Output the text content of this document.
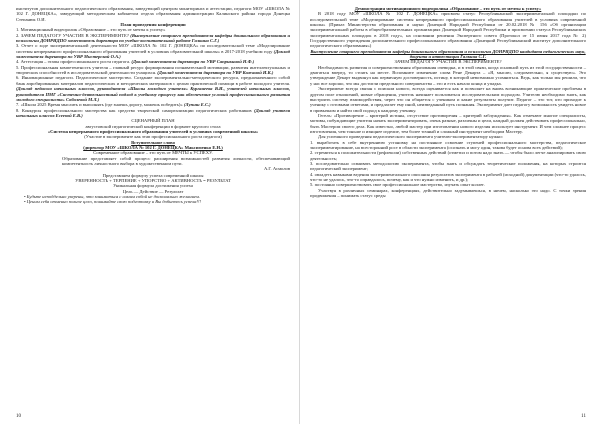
институтов дополнительного педагогического образования, заведующий центром мониторинга и аттестации, педагоги МОУ «ШКОЛА № 102 Г. ДОНЕЦКА», заведующий методическим кабинетом отдела образования администрации Калинского района города Донецка Степанюк О.И.

План проведения конференции

1. Мотивационный видеоролик «Образование – это путь от мечты к успеху»

2. ЗАЧЕМ ПЕДАГОГУ УЧАСТИЕ В ЭКСПЕРИМЕНТЕ? (Выступление старшего преподавателя кафедры дошкольного образования и психологии ДОНРИДПО заместитель директора по учебно-воспитательной работе Галкина С.Г.)

3. Отчет о ходе экспериментальной деятельности МОУ «ШКОЛА № 102 Г. ДОНЕЦКА» по исследовательской теме «Моделирование системы непрерывного профессионального образования учителей в условиях образовательной школы» в 2017-2018 учебном году (Доклад заместителя директора по УВР Мистерской О.А.)

4. Аттестация – этапы профессионального роста педагога. (Доклад заместителя директора по УВР Саприкиной Н.Ф.)

5. Профессиональная компетентность учителя – главный ресурс формирования познавательной мотивации, развития интеллектуальных и творческих способностей в исследовательской деятельности учащихся. (Доклад заместителя директора по УВР Кожаной И.К.)

6. Инновационные педагоги. Педагогическое мастерство. Создание экспериментально-методического ресурса, предназначенного собой банк апробированных материалов педагогических и методических материалов с целью практической помощи в работе молодого учителя. (Доклад педагога начальных классов, руководителя «Школы молодого учителя» Курганеева В.И., учителей начальных классов, руководителя ПМГ «Системно-деятельностный подход к учебному процессу как обеспечение условий профессионального развития молодого специалиста» Соболевой М.Л.)

7. «Школа 2025 Время мыслить и выполнять (где знаешь дорогу, можешь победить)» (Лупиш Е.С.)

8. Конкурсы профессионального мастерства как средство творческой самореализации педагогических работников (Доклад учителя начальных классов Есеевой Е.В.)

СЦЕНАРНЫЙ ПЛАН

августовской педагогической конференции в формате круглого стола

«Система непрерывного профессионального образования учителей в условиях современной школы»

(Участие в эксперименте как этап профессионального роста педагога)

Вступительное слово

(директор МОУ «ШКОЛА № 102 Г. ДОНЕЦКА» Максименко Е.Н.)

Современное образование – это путь от МЕЧТЫ к УСПЕХУ.

Образование представляет собой процесс расширения возможностей развития личности, обеспечивающий компетентность личностного выбора в художественном пути.

А.Г. Асмолов

Представляем формулу успеха современной школы

УВЕРЕННОСТЬ + ТЕРПЕНИЕ + УПОРСТВО + АКТИВНОСТЬ = РЕЗУЛЬТАТ

Уникальная формула достижения успеха

Цель — Действие — Результат

• Будьте неподдельно уверены, что заниматься с самим собой не досконально желанием.

• Ценим себя отменно полное цело, понимайте свою подготовку и Вы добьетесь успеха!!!

10

Демонстрация мотивационного видеоролика «Образование – это путь от мечты к успеху»

В 2018 году МОУ «ШКОЛА № 102 Г. ДОНЕЦКА» присвоен статус Республиканской экспериментальной площадки по исследовательской теме «Моделирование системы непрерывного профессионального образования учителей в условиях современной школы» (Приказ Министерства образования и науки Донецкой Народной Республики от 20.02.2018 № 156 «Об организации экспериментальной работы в общеобразовательных организациях Донецкой Народной Республики и присвоении статуса Республиканских экспериментальных площадок в 2018 году», на основании решения Экспертного совета (Протокол от 15 июня 2017 года № 2) Государственного учреждения дополнительного профессионального образования «Донецкий Республиканский институт дополнительного педагогического образования»)

Выступление старшего преподавателя кафедры дошкольного образования и психологии ДОНРИДПО кандидата педагогических наук, доцента и аттестации Галкина С.Г.

ЗАЧЕМ ПЕДАГОГУ УЧАСТИЕ В ЭКСПЕРИМЕНТЕ?

Необходимость развития и совершенствования образования очевидна, и в этой связи, когда основной путь из этой государственности – двигаться вперед, то стоять на месте. Вспомните изменение слова Рене Декарта – «Я, мыслю, следовательно, я существую». Это утверждение Декарт выдвинул как первичную достоверность, истину, в которой невозможно усомниться. Ведь, как только мы решили, что у нас все хорошо, что мы достигли предельного совершенства – это и есть начало конца и упадка.

Эксперимент всегда связан с поиском нового, всегда оценивается как и позволяет на вновь возникающие практические проблемы в другом поле отношений, новые обращения, учитель начинает пользоваться исследовательским подходом. Учителю необходимо знать, как выстроить систему взаимодействия, через что он общается с учеником и какие результаты получит. Педагог – это тот, кто приходит к ученику с готовыми ответами, и предлагает ему иной, неизведанный путь познания. Эксперимент дает педагогу возможность увидеть новое в привычном и найти свой подход к каждому ученику.

Гегель: «Противоречие – критерий истины, отсутствие противоречия – критерий заблуждения». Как отмечают многие специалисты, мотивы, побуждающие учителя начать экспериментировать, очень разные, различны и цели, каждый должен действовать профессионально, быть Мастером своего дела. Как известно, любой мастер при изготовлении нового изделия использует инструмент. И чем сложнее процесс изготовления, чем тоньше и изящнее изделие, тем более точный и сложный инструмент необходим Мастеру.

Для успешного проведения педагогического эксперимента учителю-экспериментатору нужно:

1. выработать в себе внутреннюю установку на постоянное освоение ступеней профессионального мастерства, педагогическое экспериментирование, на всесторонний рост в области эксперимента (осознать и могу один, такова будет основа всех действий);

2. стремиться к положительности (рефлексии) собственных действий (отметил и потом надо знать — чтобы было легче анализировать свою деятельность;

3. последовательно осваивать методологию эксперимента, чтобы знать и обсуждать теоретические положения, на которых строится педагогический эксперимент;

4. овладеть навыками ведения экспериментального описания результатов эксперимента в рабочей (исходной) документации (что-то удалось, что-то не удалось, что-то оправдалось, почему, как и что нужно изменить, и др.);

5. постоянно совершенствовать свое профессиональное мастерство, изучать опыт коллег.

Участвуя в различных семинарах, конференциях, действительно задумываешься, в ничем, насколько это надо. С точки зрения продвижения – понимать статус среды

11
